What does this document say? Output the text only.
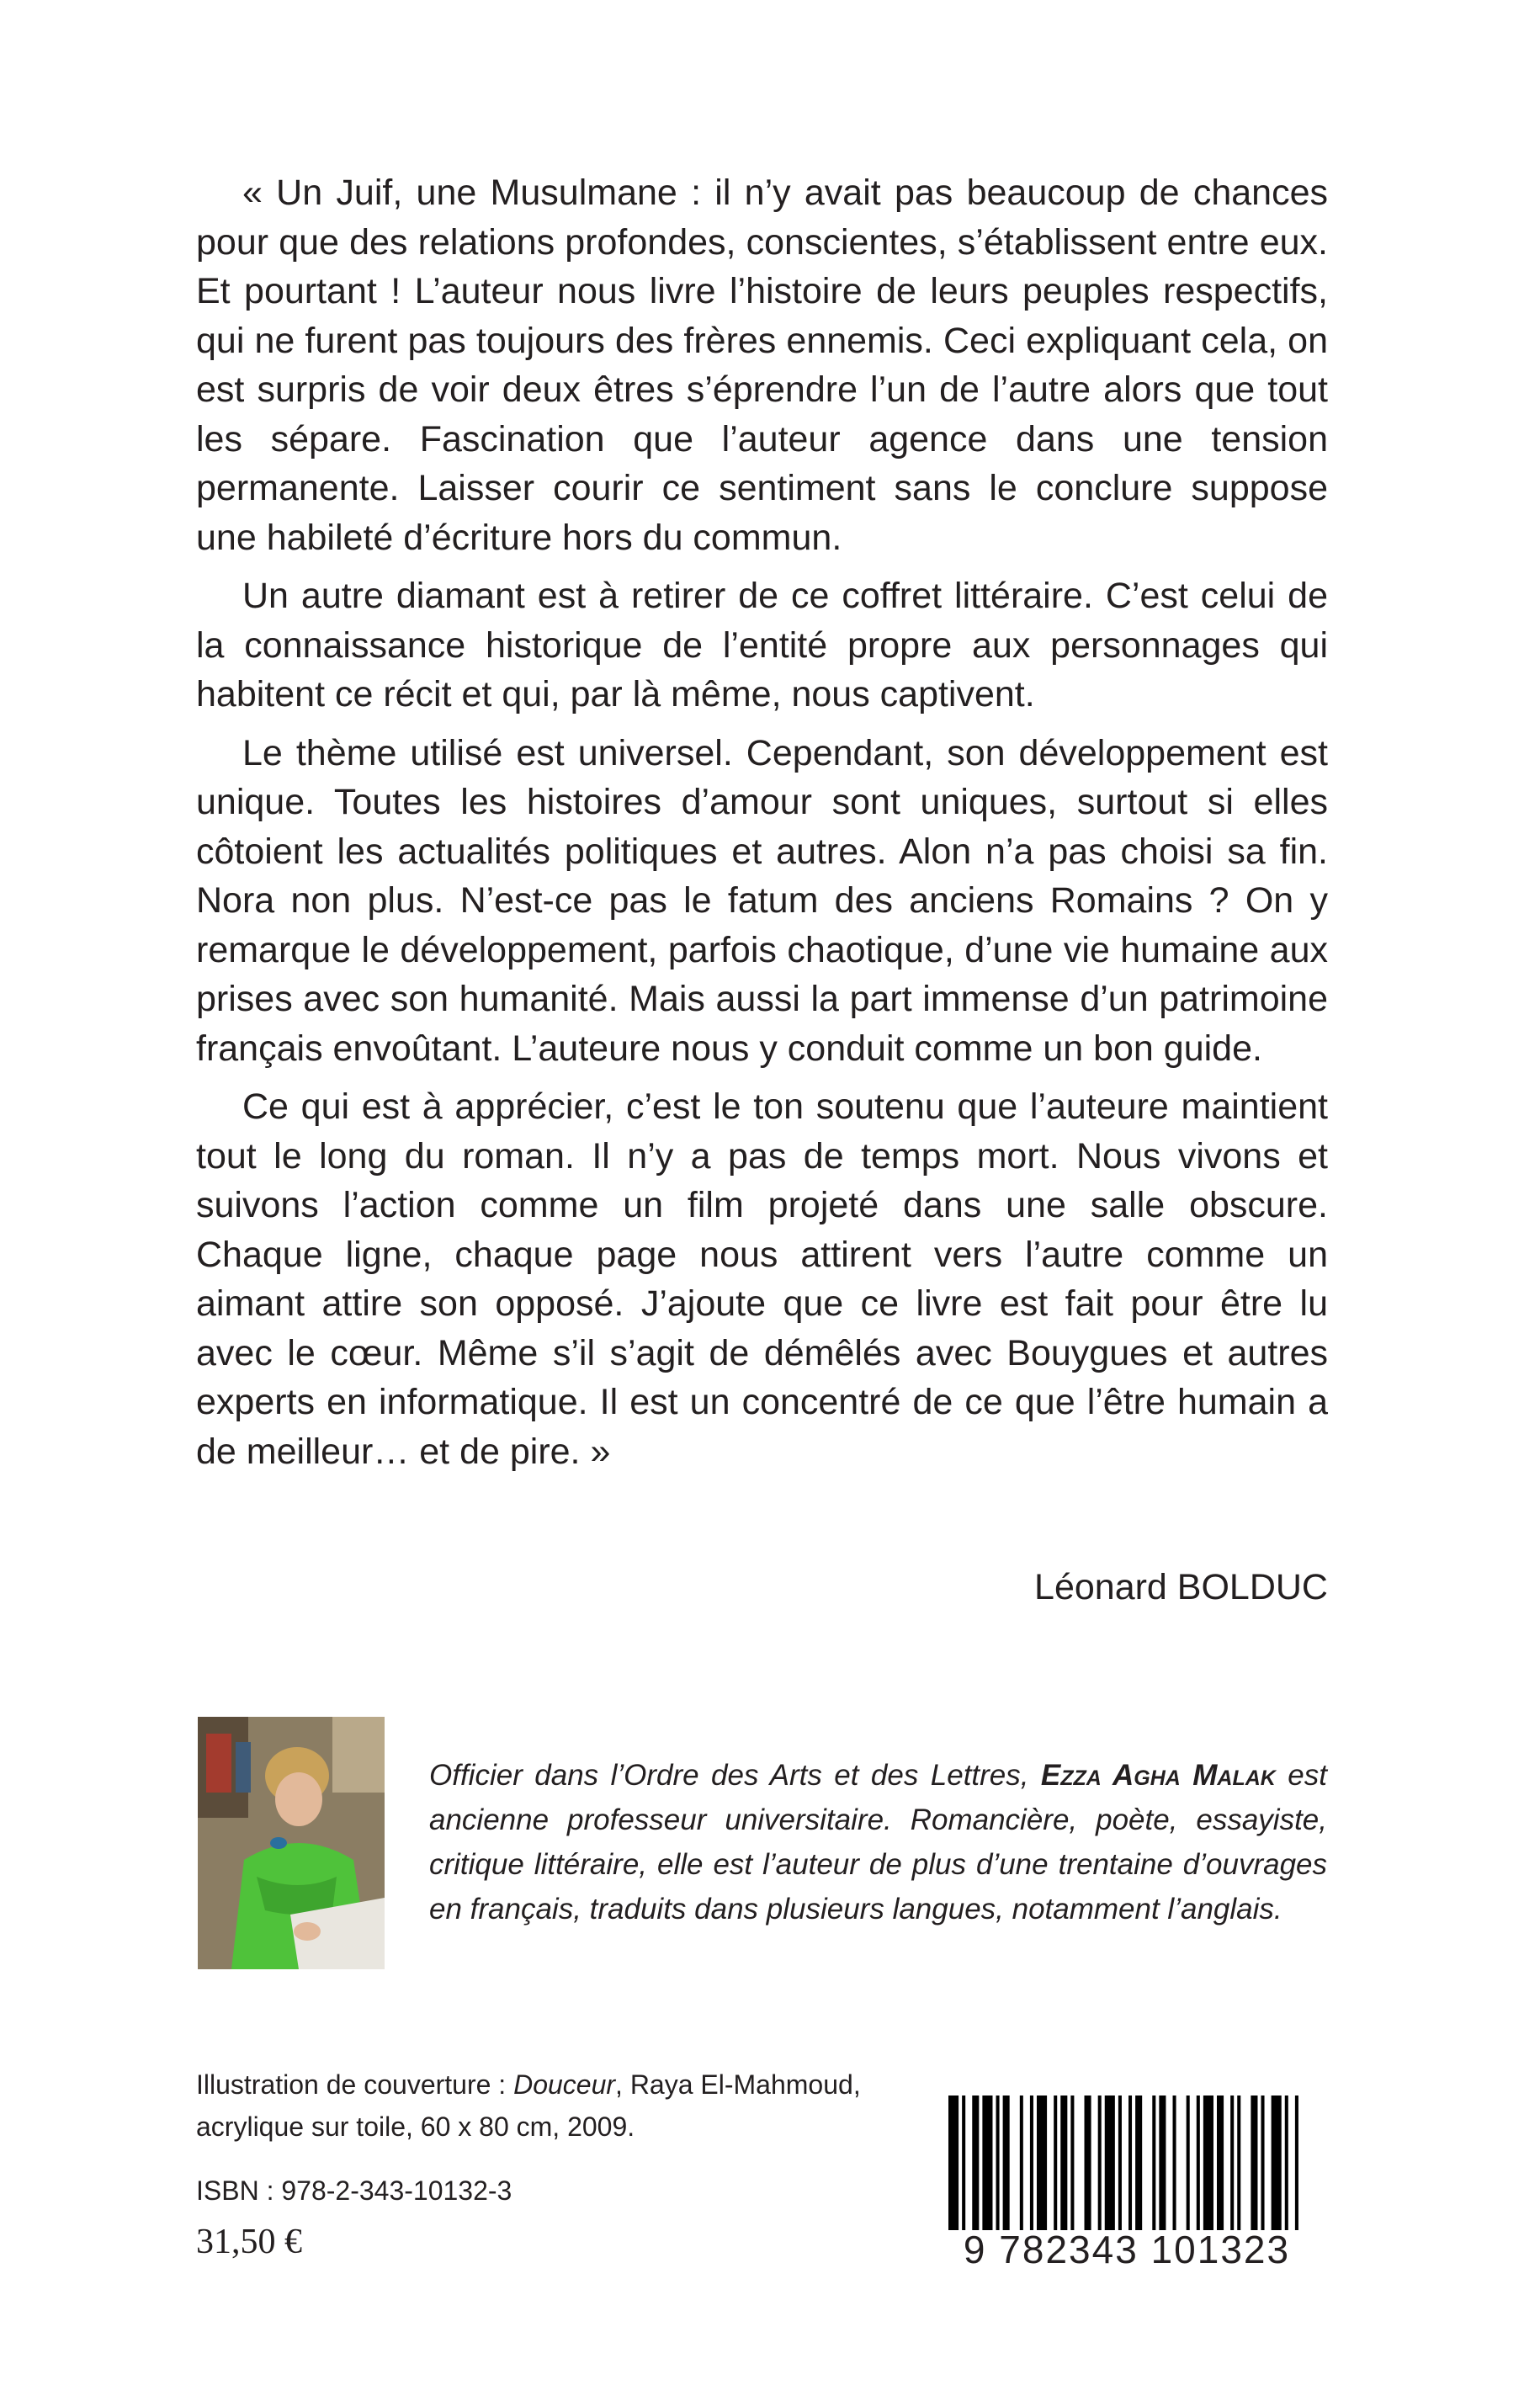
« Un Juif, une Musulmane : il n’y avait pas beaucoup de chances pour que des relations profondes, conscientes, s’établissent entre eux. Et pourtant ! L’auteur nous livre l’histoire de leurs peuples respectifs, qui ne furent pas toujours des frères ennemis. Ceci expliquant cela, on est surpris de voir deux êtres s’éprendre l’un de l’autre alors que tout les sépare. Fascination que l’auteur agence dans une tension permanente. Laisser courir ce sentiment sans le conclure suppose une habileté d’écriture hors du commun.

Un autre diamant est à retirer de ce coffret littéraire. C’est celui de la connaissance historique de l’entité propre aux personnages qui habitent ce récit et qui, par là même, nous captivent.

Le thème utilisé est universel. Cependant, son développement est unique. Toutes les histoires d’amour sont uniques, surtout si elles côtoient les actualités politiques et autres. Alon n’a pas choisi sa fin. Nora non plus. N’est-ce pas le fatum des anciens Romains ? On y remarque le développement, parfois chaotique, d’une vie humaine aux prises avec son humanité. Mais aussi la part immense d’un patrimoine français envoûtant. L’auteure nous y conduit comme un bon guide.

Ce qui est à apprécier, c’est le ton soutenu que l’auteure maintient tout le long du roman. Il n’y a pas de temps mort. Nous vivons et suivons l’action comme un film projeté dans une salle obscure. Chaque ligne, chaque page nous attirent vers l’autre comme un aimant attire son opposé. J’ajoute que ce livre est fait pour être lu avec le cœur. Même s’il s’agit de démêlés avec Bouygues et autres experts en informatique. Il est un concentré de ce que l’être humain a de meilleur… et de pire. »

Léonard BOLDUC
Officier dans l’Ordre des Arts et des Lettres, Ezza Agha Malak est ancienne professeur universitaire. Romancière, poète, essayiste, critique littéraire, elle est l’auteur de plus d’une trentaine d’ouvrages en français, traduits dans plusieurs langues, notamment l’anglais.
Illustration de couverture : Douceur, Raya El-Mahmoud,
acrylique sur toile, 60 x 80 cm, 2009.
ISBN : 978-2-343-10132-3
31,50 €	9 782343 101323
